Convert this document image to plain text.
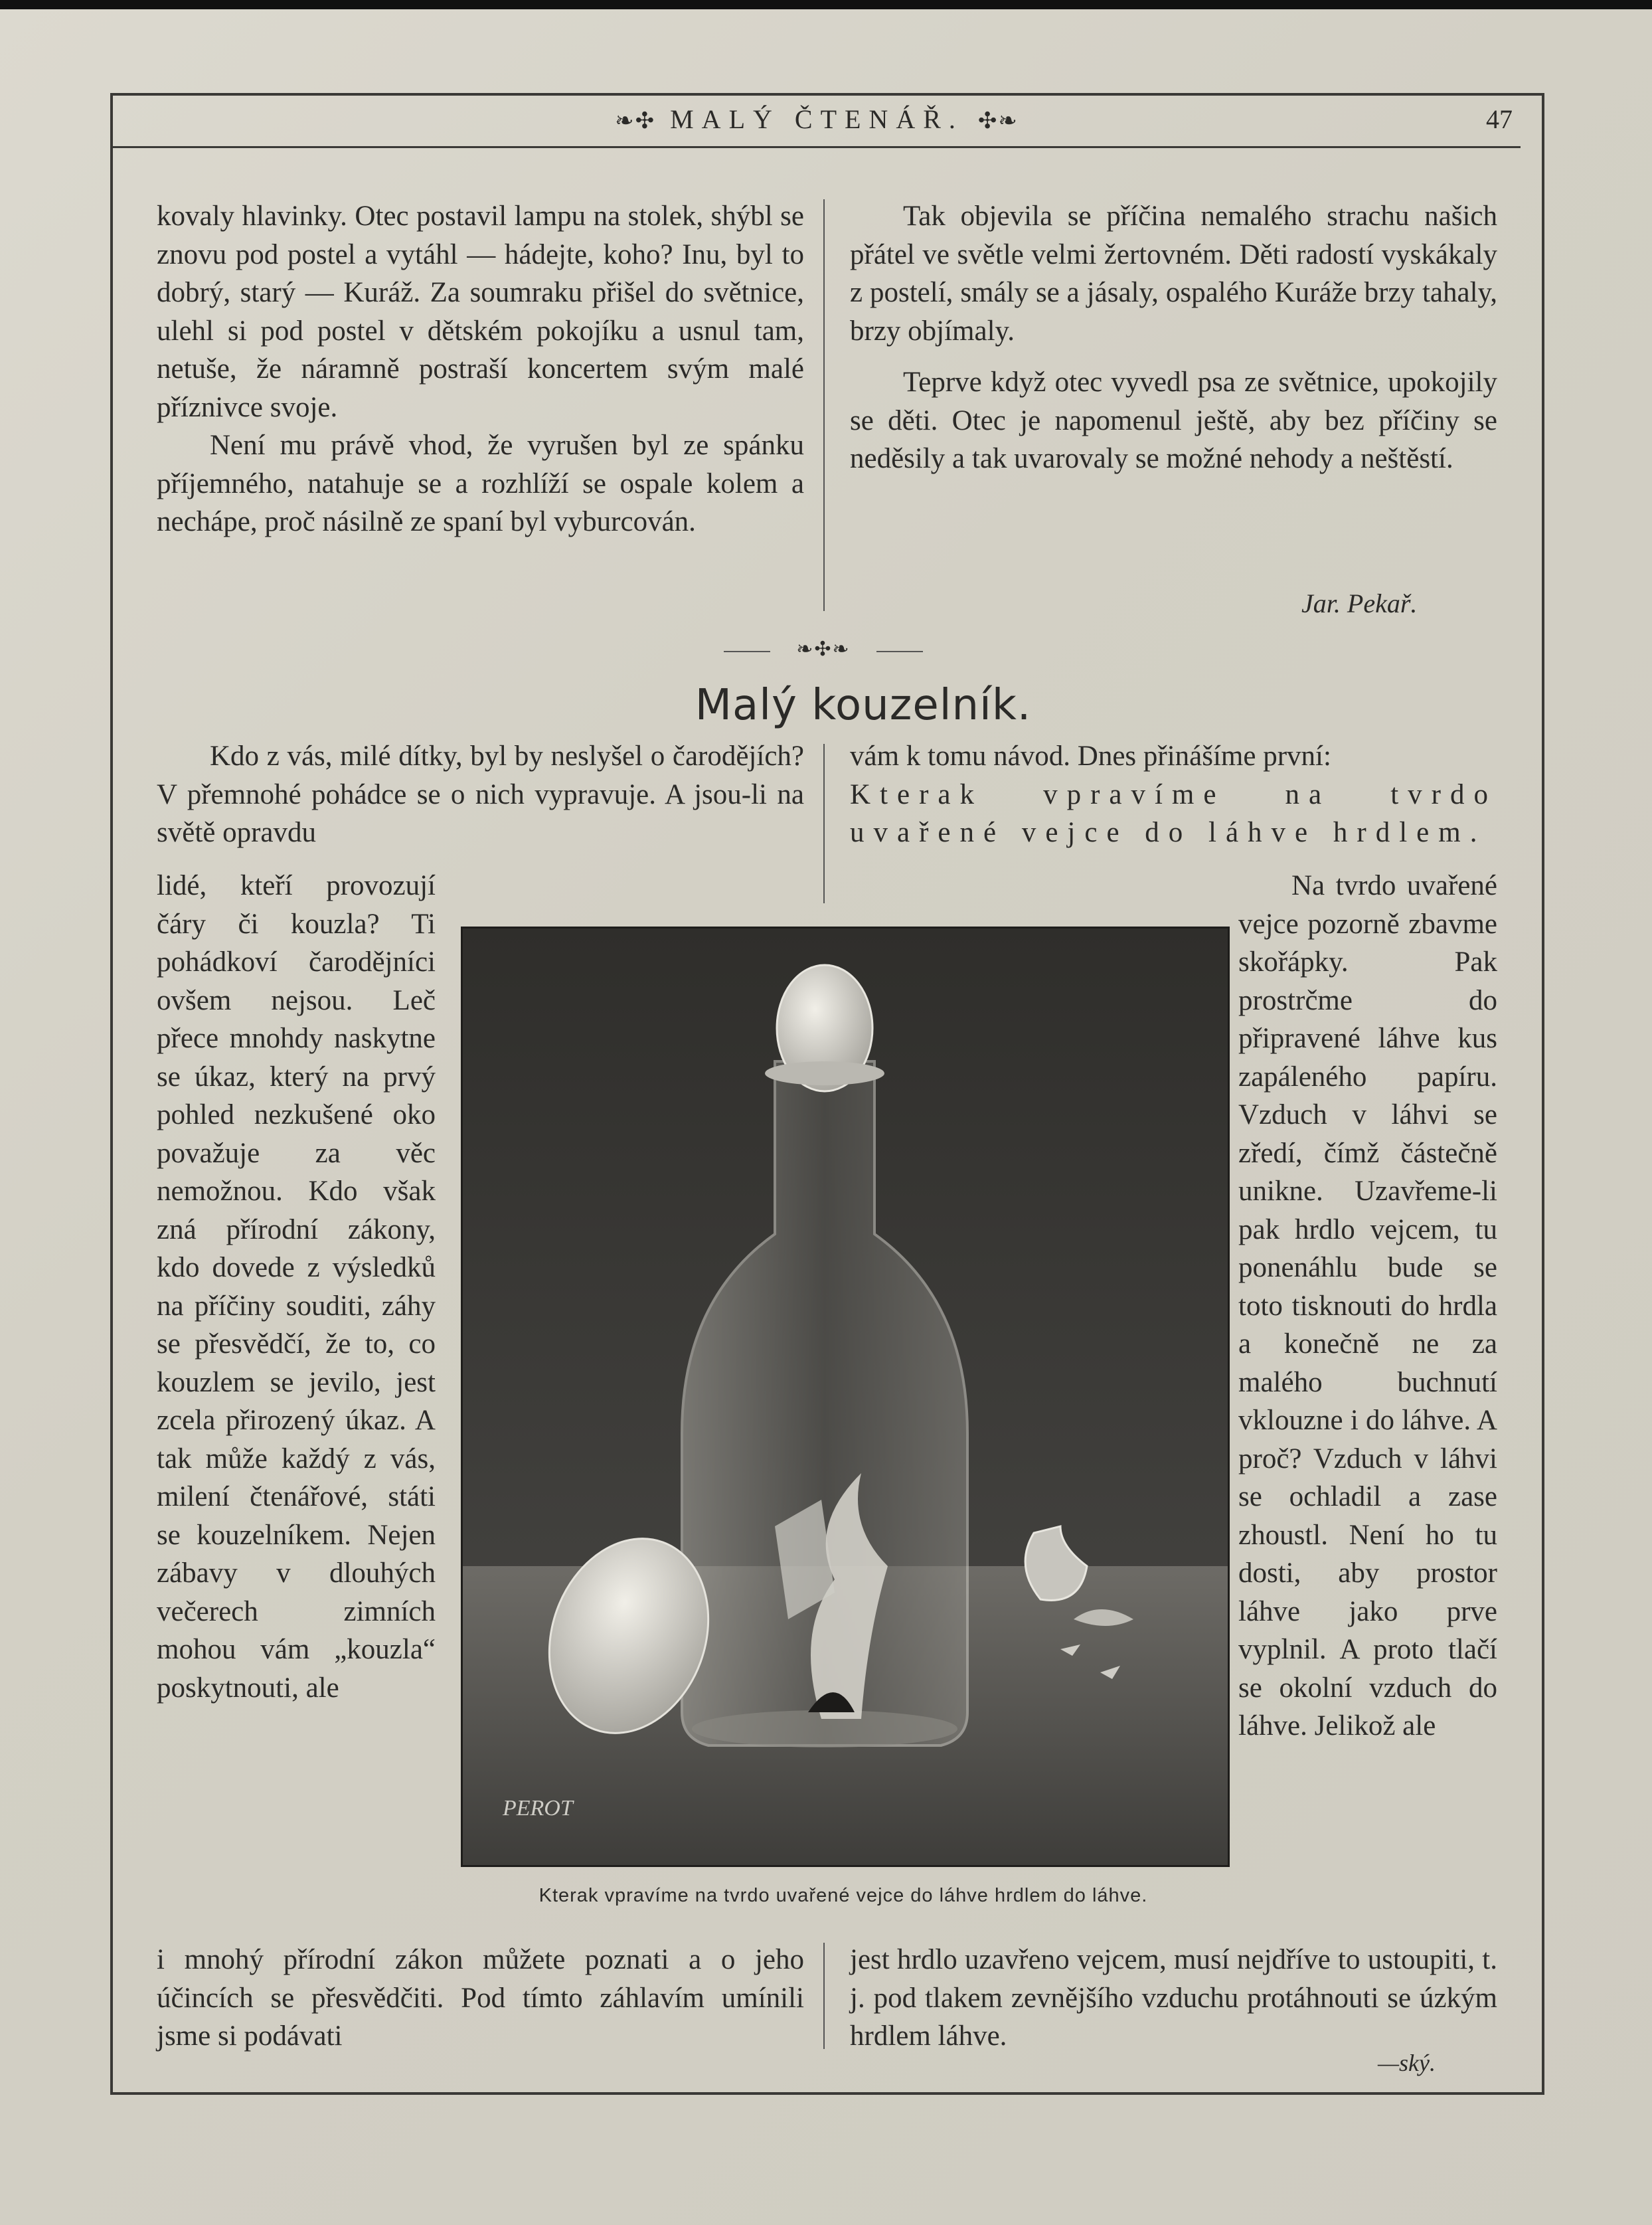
❧✣ MALÝ ČTENÁŘ. ✣❧	47

kovaly hlavinky. Otec postavil lampu na stolek, shýbl se znovu pod postel a vytáhl — hádejte, koho? Inu, byl to dobrý, starý — Kuráž. Za soumraku přišel do světnice, ulehl si pod postel v dětském pokojíku a usnul tam, netuše, že náramně postraší koncertem svým malé příznivce svoje.

Není mu právě vhod, že vyrušen byl ze spánku příjemného, natahuje se a rozhlíží se ospale kolem a nechápe, proč násilně ze spaní byl vyburcován.

Tak objevila se příčina nemalého strachu našich přátel ve světle velmi žertovném. Děti radostí vyskákaly z postelí, smály se a jásaly, ospalého Kuráže brzy tahaly, brzy objímaly.

Teprve když otec vyvedl psa ze světnice, upokojily se děti. Otec je napomenul ještě, aby bez příčiny se neděsily a tak uvarovaly se možné nehody a neštěstí.

Jar. Pekař.
❧✣❧
Malý kouzelník.

Kdo z vás, milé dítky, byl by neslyšel o čarodějích? V přemnohé pohádce se o nich vypravuje. A jsou-li na světě opravdu

vám k tomu návod. Dnes přinášíme první:

Kterak vpravíme na tvrdo uvařené vejce do láhve hrdlem.

lidé, kteří provozují čáry či kouzla? Ti pohádkoví čarodějníci ovšem nejsou. Leč přece mnohdy naskytne se úkaz, který na prvý pohled nezkušené oko považuje za věc nemožnou. Kdo však zná přírodní zákony, kdo dovede z výsledků na příčiny souditi, záhy se přesvědčí, že to, co kouzlem se jevilo, jest zcela přirozený úkaz. A tak může každý z vás, milení čtenářové, státi se kouzelníkem. Nejen zábavy v dlouhých večerech zimních mohou vám „kouzla“ poskytnouti, ale

PEROT
Kterak vpravíme na tvrdo uvařené vejce do láhve hrdlem do láhve.

Na tvrdo uvařené vejce pozorně zbavme skořápky. Pak prostrčme do připravené láhve kus zapáleného papíru. Vzduch v láhvi se zředí, čímž částečně unikne. Uzavřeme-li pak hrdlo vejcem, tu ponenáhlu bude se toto tisknouti do hrdla a konečně ne za malého buchnutí vklouzne i do láhve. A proč? Vzduch v láhvi se ochladil a zase zhoustl. Není ho tu dosti, aby prostor láhve jako prve vyplnil. A proto tlačí se okolní vzduch do láhve. Jelikož ale

i mnohý přírodní zákon můžete poznati a o jeho účincích se přesvědčiti. Pod tímto záhlavím umínili jsme si podávati

jest hrdlo uzavřeno vejcem, musí nejdříve to ustoupiti, t. j. pod tlakem zevnějšího vzduchu protáhnouti se úzkým hrdlem láhve.

—ský.
